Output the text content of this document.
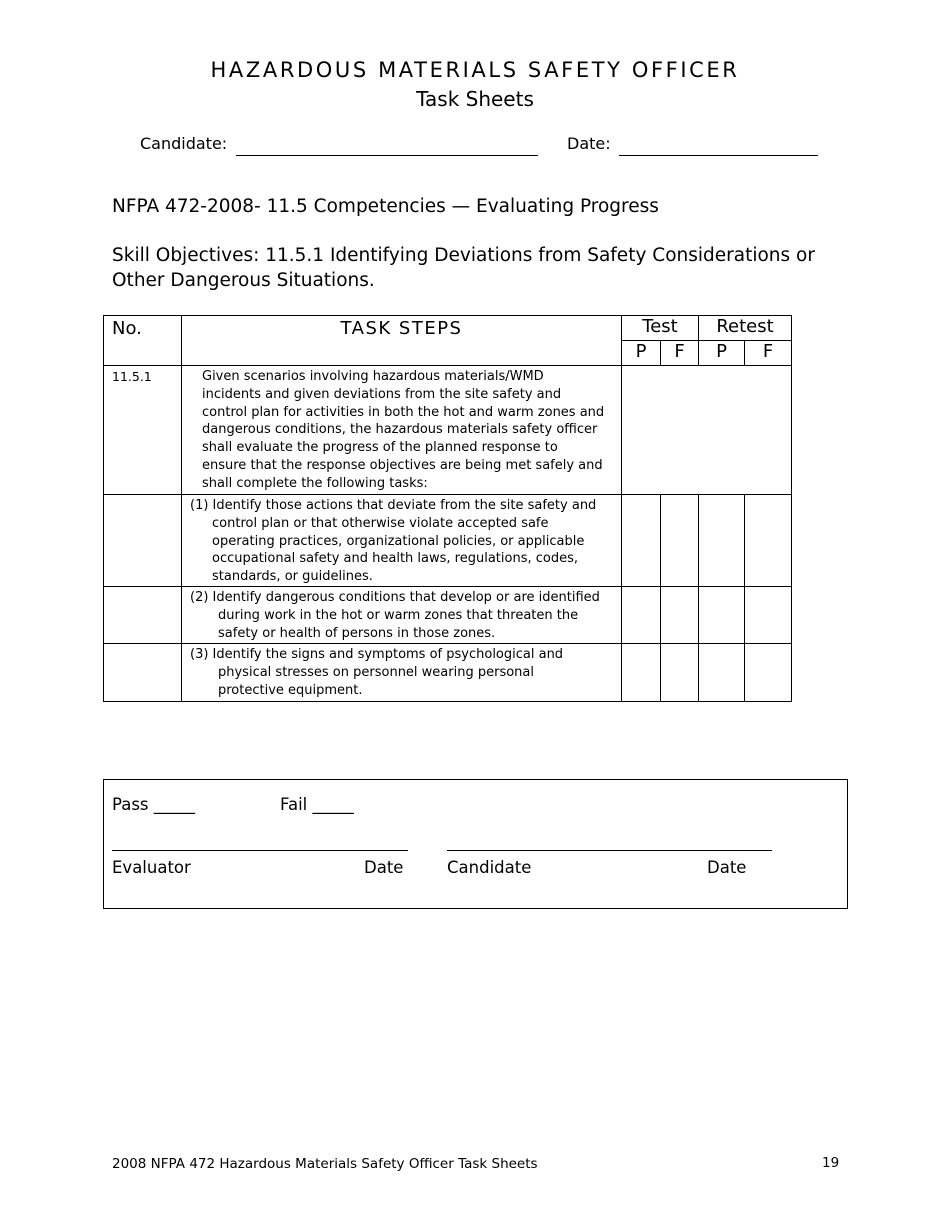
HAZARDOUS MATERIALS SAFETY OFFICER
Task Sheets
Candidate:	Date:
NFPA 472-2008- 11.5 Competencies — Evaluating Progress
Skill Objectives: 11.5.1 Identifying Deviations from Safety Considerations or Other Dangerous Situations.
No.	TASK STEPS	Test		Retest	
		P	F	P	F
11.5.1	Given scenarios involving hazardous materials/WMD incidents and given deviations from the site safety and control plan for activities in both the hot and warm zones and dangerous conditions, the hazardous materials safety officer shall evaluate the progress of the planned response to ensure that the response objectives are being met safely and shall complete the following tasks:				

	(1) Identify those actions that deviate from the site safety and control plan or that otherwise violate accepted safe operating practices, organizational policies, or applicable occupational safety and health laws, regulations, codes, standards, or guidelines.				

	(2) Identify dangerous conditions that develop or are identified during work in the hot or warm zones that threaten the safety or health of persons in those zones.				

	(3) Identify the signs and symptoms of psychological and physical stresses on personnel wearing personal protective equipment.				

Pass _____	Fail _____
Evaluator	Date	Candidate	Date
2008 NFPA 472 Hazardous Materials Safety Officer Task Sheets	19
